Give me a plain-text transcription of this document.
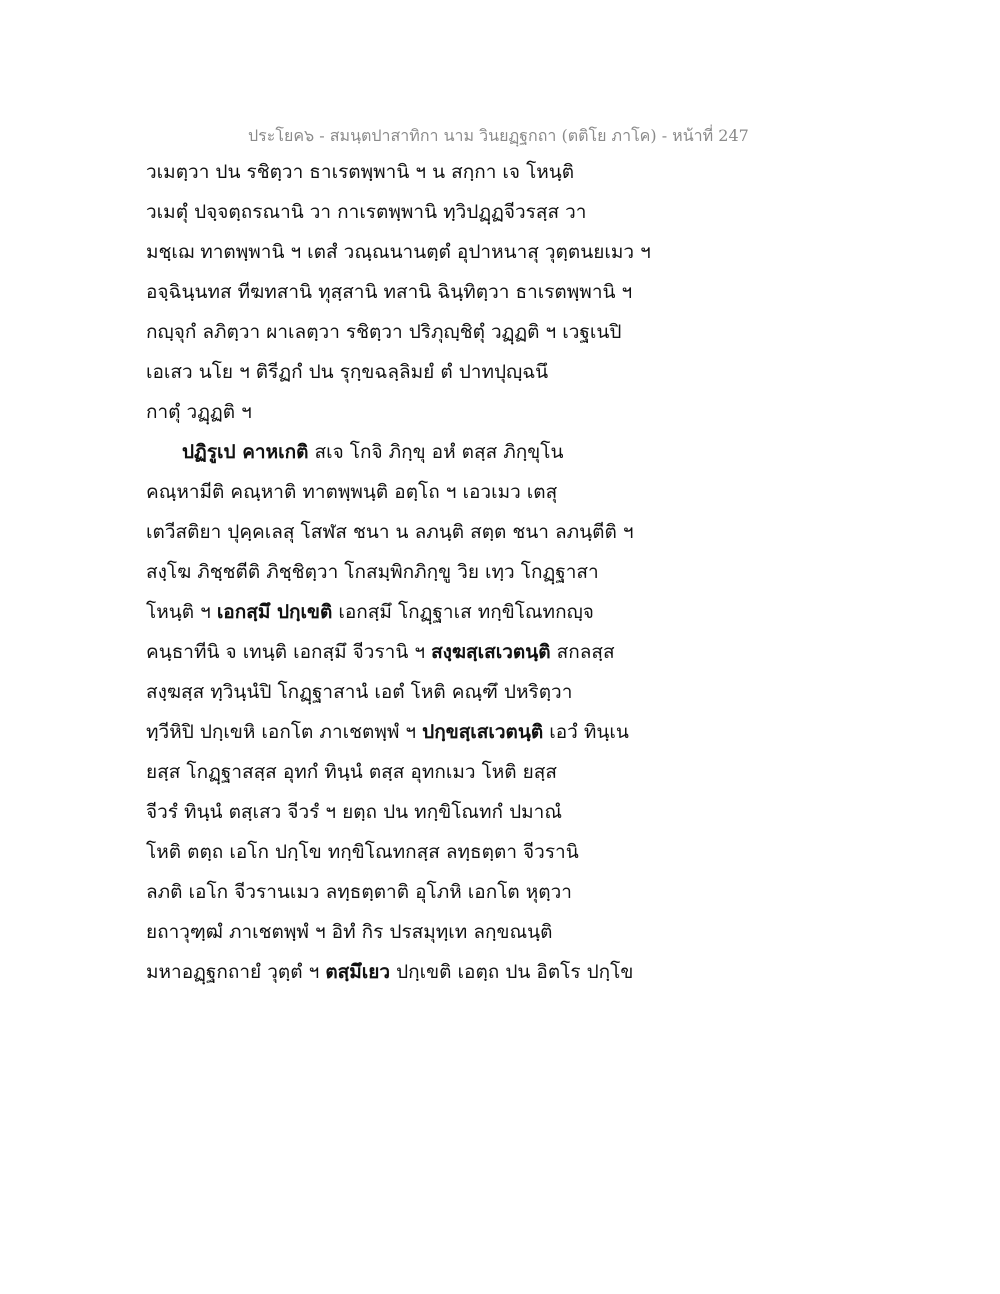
ประโยค๖ - สมนฺตปาสาทิกา นาม วินยฏฺฐกถา (ตติโย ภาโค) - หน้าที่ 247
วเมตฺวา ปน รชิตฺวา ธาเรตพฺพานิ ฯ น สกฺกา เจ โหนฺติ
วเมตุํ ปจฺจตฺถรณานิ วา กาเรตพฺพานิ ทฺวิปฏฺฏจีวรสฺส วา
มชฺเฌ ทาตพฺพานิ ฯ เตสํ วณฺณนานตฺตํ อุปาหนาสุ วุตฺตนยเมว ฯ
อจฺฉินฺนทส ทีฆทสานิ ทุสฺสานิ ทสานิ ฉินฺทิตฺวา ธาเรตพฺพานิ ฯ
กญฺจุกํ ลภิตฺวา ผาเลตฺวา รชิตฺวา ปริภุญฺชิตุํ วฏฺฏติ ฯ เวฐเนปิ
เอเสว นโย ฯ ติรีฏกํ ปน รุกฺขฉลฺลิมยํ ตํ ปาทปุญฺฉนึ
กาตุํ วฏฺฏติ ฯ
ปฏิรูเป คาหเกติ สเจ โกจิ ภิกฺขุ อหํ ตสฺส ภิกฺขุโน
คณฺหามีติ คณฺหาติ ทาตพฺพนฺติ อตฺโถ ฯ เอวเมว เตสุ
เตวีสติยา ปุคฺคเลสุ โสฬส ชนา น ลภนฺติ สตฺต ชนา ลภนฺตีติ ฯ
สงฺโฆ ภิชฺชตีติ ภิชฺชิตฺวา โกสมฺพิกภิกฺขู วิย เทฺว โกฏฺฐาสา
โหนฺติ ฯ เอกสฺมึ ปกฺเขติ เอกสฺมึ โกฏฺฐาเส ทกฺขิโณทกญฺจ
คนฺธาทีนิ จ เทนฺติ เอกสฺมึ จีวรานิ ฯ สงฺฆสฺเสเวตนฺติ สกลสฺส
สงฺฆสฺส ทฺวินฺนํปิ โกฏฺฐาสานํ เอตํ โหติ คณฺฑึ ปหริตฺวา
ทฺวีหิปิ ปกฺเขหิ เอกโต ภาเชตพฺพํ ฯ ปกฺขสฺเสเวตนฺติ เอวํ ทินฺเน
ยสฺส โกฏฺฐาสสฺส อุทกํ ทินฺนํ ตสฺส อุทกเมว โหติ ยสฺส
จีวรํ ทินฺนํ ตสฺเสว จีวรํ ฯ ยตฺถ ปน ทกฺขิโณทกํ ปมาณํ
โหติ ตตฺถ เอโก ปกฺโข ทกฺขิโณทกสฺส ลทฺธตฺตา จีวรานิ
ลภติ เอโก จีวรานเมว ลทฺธตฺตาติ อุโภหิ เอกโต หุตฺวา
ยถาวุฑฺฒํ ภาเชตพฺพํ ฯ อิทํ กิร ปรสมุทฺเท ลกฺขณนฺติ
มหาอฏฺฐกถายํ วุตฺตํ ฯ ตสฺมึเยว ปกฺเขติ เอตฺถ ปน อิตโร ปกฺโข
